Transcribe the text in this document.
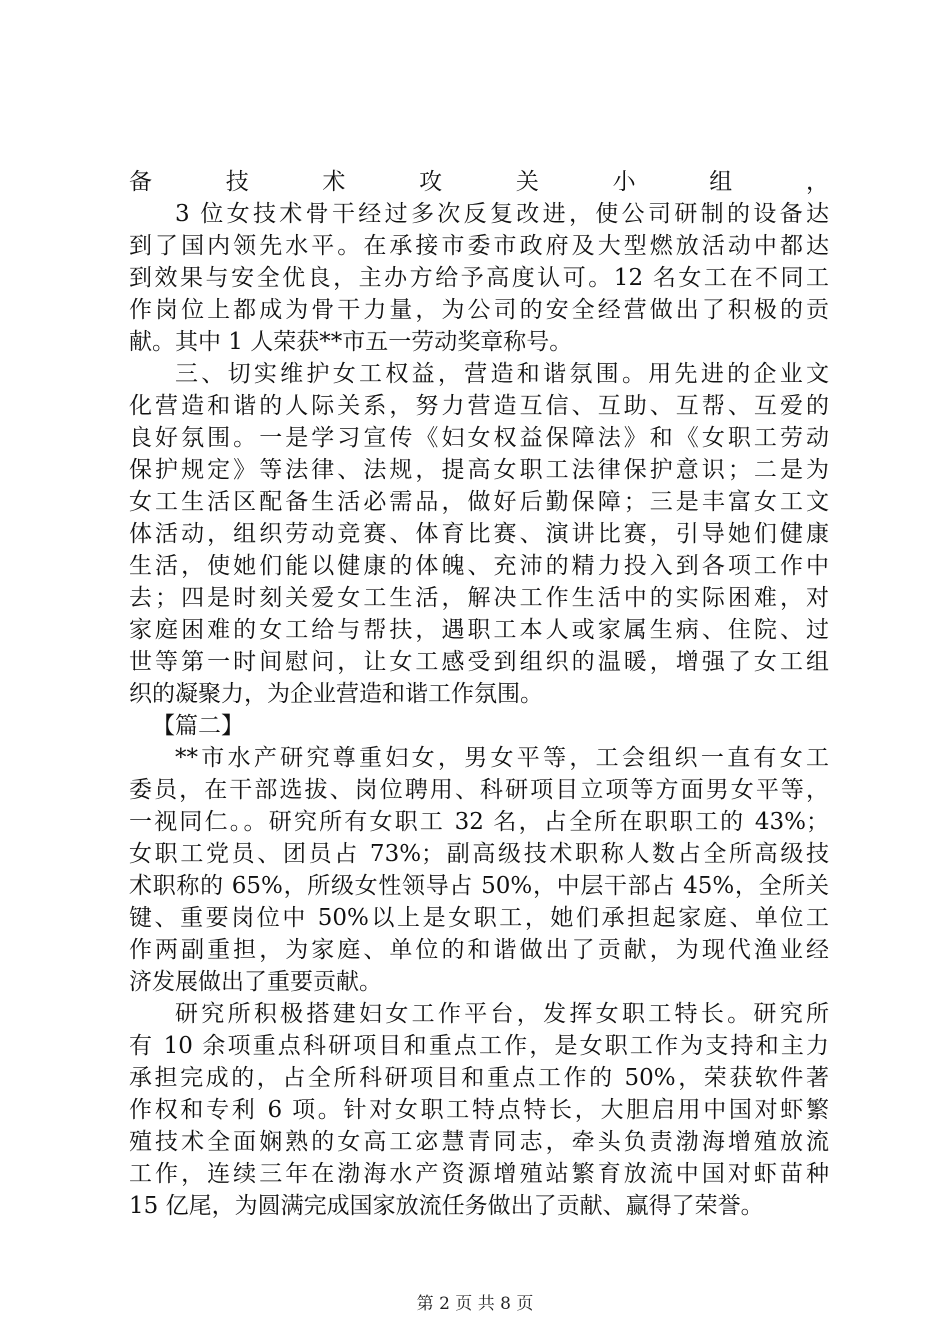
备技术攻关小组，
3 位女技术骨干经过多次反复改进，使公司研制的设备达
到了国内领先水平。在承接市委市政府及大型燃放活动中都达
到效果与安全优良，主办方给予高度认可。12 名女工在不同工
作岗位上都成为骨干力量，为公司的安全经营做出了积极的贡
献。其中 1 人荣获**市五一劳动奖章称号。
三、切实维护女工权益，营造和谐氛围。用先进的企业文
化营造和谐的人际关系，努力营造互信、互助、互帮、互爱的
良好氛围。一是学习宣传《妇女权益保障法》和《女职工劳动
保护规定》等法律、法规，提高女职工法律保护意识；二是为
女工生活区配备生活必需品，做好后勤保障；三是丰富女工文
体活动，组织劳动竞赛、体育比赛、演讲比赛，引导她们健康
生活，使她们能以健康的体魄、充沛的精力投入到各项工作中
去；四是时刻关爱女工生活，解决工作生活中的实际困难，对
家庭困难的女工给与帮扶，遇职工本人或家属生病、住院、过
世等第一时间慰问，让女工感受到组织的温暖，增强了女工组
织的凝聚力，为企业营造和谐工作氛围。
【篇二】
**市水产研究尊重妇女，男女平等，工会组织一直有女工
委员，在干部选拔、岗位聘用、科研项目立项等方面男女平等，
一视同仁。。研究所有女职工 32 名，占全所在职职工的 43%；
女职工党员、团员占 73%；副高级技术职称人数占全所高级技
术职称的 65%，所级女性领导占 50%，中层干部占 45%，全所关
键、重要岗位中 50%以上是女职工，她们承担起家庭、单位工
作两副重担，为家庭、单位的和谐做出了贡献，为现代渔业经
济发展做出了重要贡献。
研究所积极搭建妇女工作平台，发挥女职工特长。研究所
有 10 余项重点科研项目和重点工作，是女职工作为支持和主力
承担完成的，占全所科研项目和重点工作的 50%，荣获软件著
作权和专利 6 项。针对女职工特点特长，大胆启用中国对虾繁
殖技术全面娴熟的女高工宓慧青同志，牵头负责渤海增殖放流
工作，连续三年在渤海水产资源增殖站繁育放流中国对虾苗种
15 亿尾，为圆满完成国家放流任务做出了贡献、赢得了荣誉。
第 2 页 共 8 页
